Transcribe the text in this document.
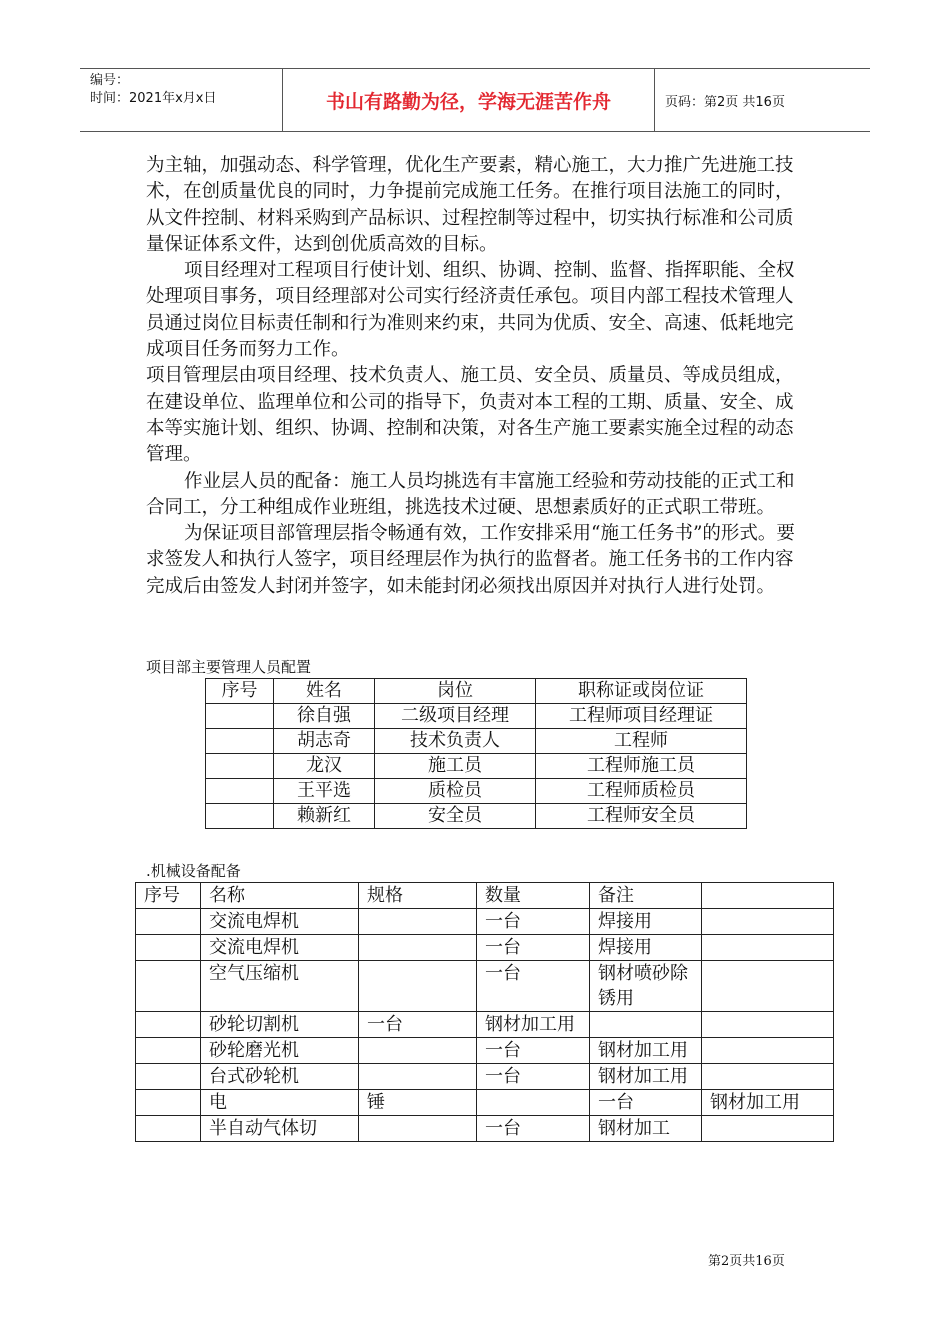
编号：
时间：2021年x月x日	书山有路勤为径，学海无涯苦作舟	页码：第2页 共16页

为主轴，加强动态、科学管理，优化生产要素，精心施工，大力推广先进施工技术，在创质量优良的同时，力争提前完成施工任务。在推行项目法施工的同时，从文件控制、材料采购到产品标识、过程控制等过程中，切实执行标准和公司质量保证体系文件，达到创优质高效的目标。

项目经理对工程项目行使计划、组织、协调、控制、监督、指挥职能、全权处理项目事务，项目经理部对公司实行经济责任承包。项目内部工程技术管理人员通过岗位目标责任制和行为准则来约束，共同为优质、安全、高速、低耗地完成项目任务而努力工作。

项目管理层由项目经理、技术负责人、施工员、安全员、质量员、等成员组成，在建设单位、监理单位和公司的指导下，负责对本工程的工期、质量、安全、成本等实施计划、组织、协调、控制和决策，对各生产施工要素实施全过程的动态管理。

作业层人员的配备：施工人员均挑选有丰富施工经验和劳动技能的正式工和合同工，分工种组成作业班组，挑选技术过硬、思想素质好的正式职工带班。

为保证项目部管理层指令畅通有效，工作安排采用“施工任务书”的形式。要求签发人和执行人签字，项目经理层作为执行的监督者。施工任务书的工作内容完成后由签发人封闭并签字，如未能封闭必须找出原因并对执行人进行处罚。

项目部主要管理人员配置
序号	姓名	岗位	职称证或岗位证
	徐自强	二级项目经理	工程师项目经理证
	胡志奇	技术负责人	工程师
	龙汉	施工员	工程师施工员
	王平选	质检员	工程师质检员
	赖新红	安全员	工程师安全员
.机械设备配备
序号	名称	规格	数量	备注	
	交流电焊机		一台	焊接用	
	交流电焊机		一台	焊接用	
	空气压缩机		一台	钢材喷砂除锈用	
	砂轮切割机	一台	钢材加工用		
	砂轮磨光机		一台	钢材加工用	
	台式砂轮机		一台	钢材加工用	
	电	锤		一台	钢材加工用
	半自动气体切		一台	钢材加工	
第2页共16页
